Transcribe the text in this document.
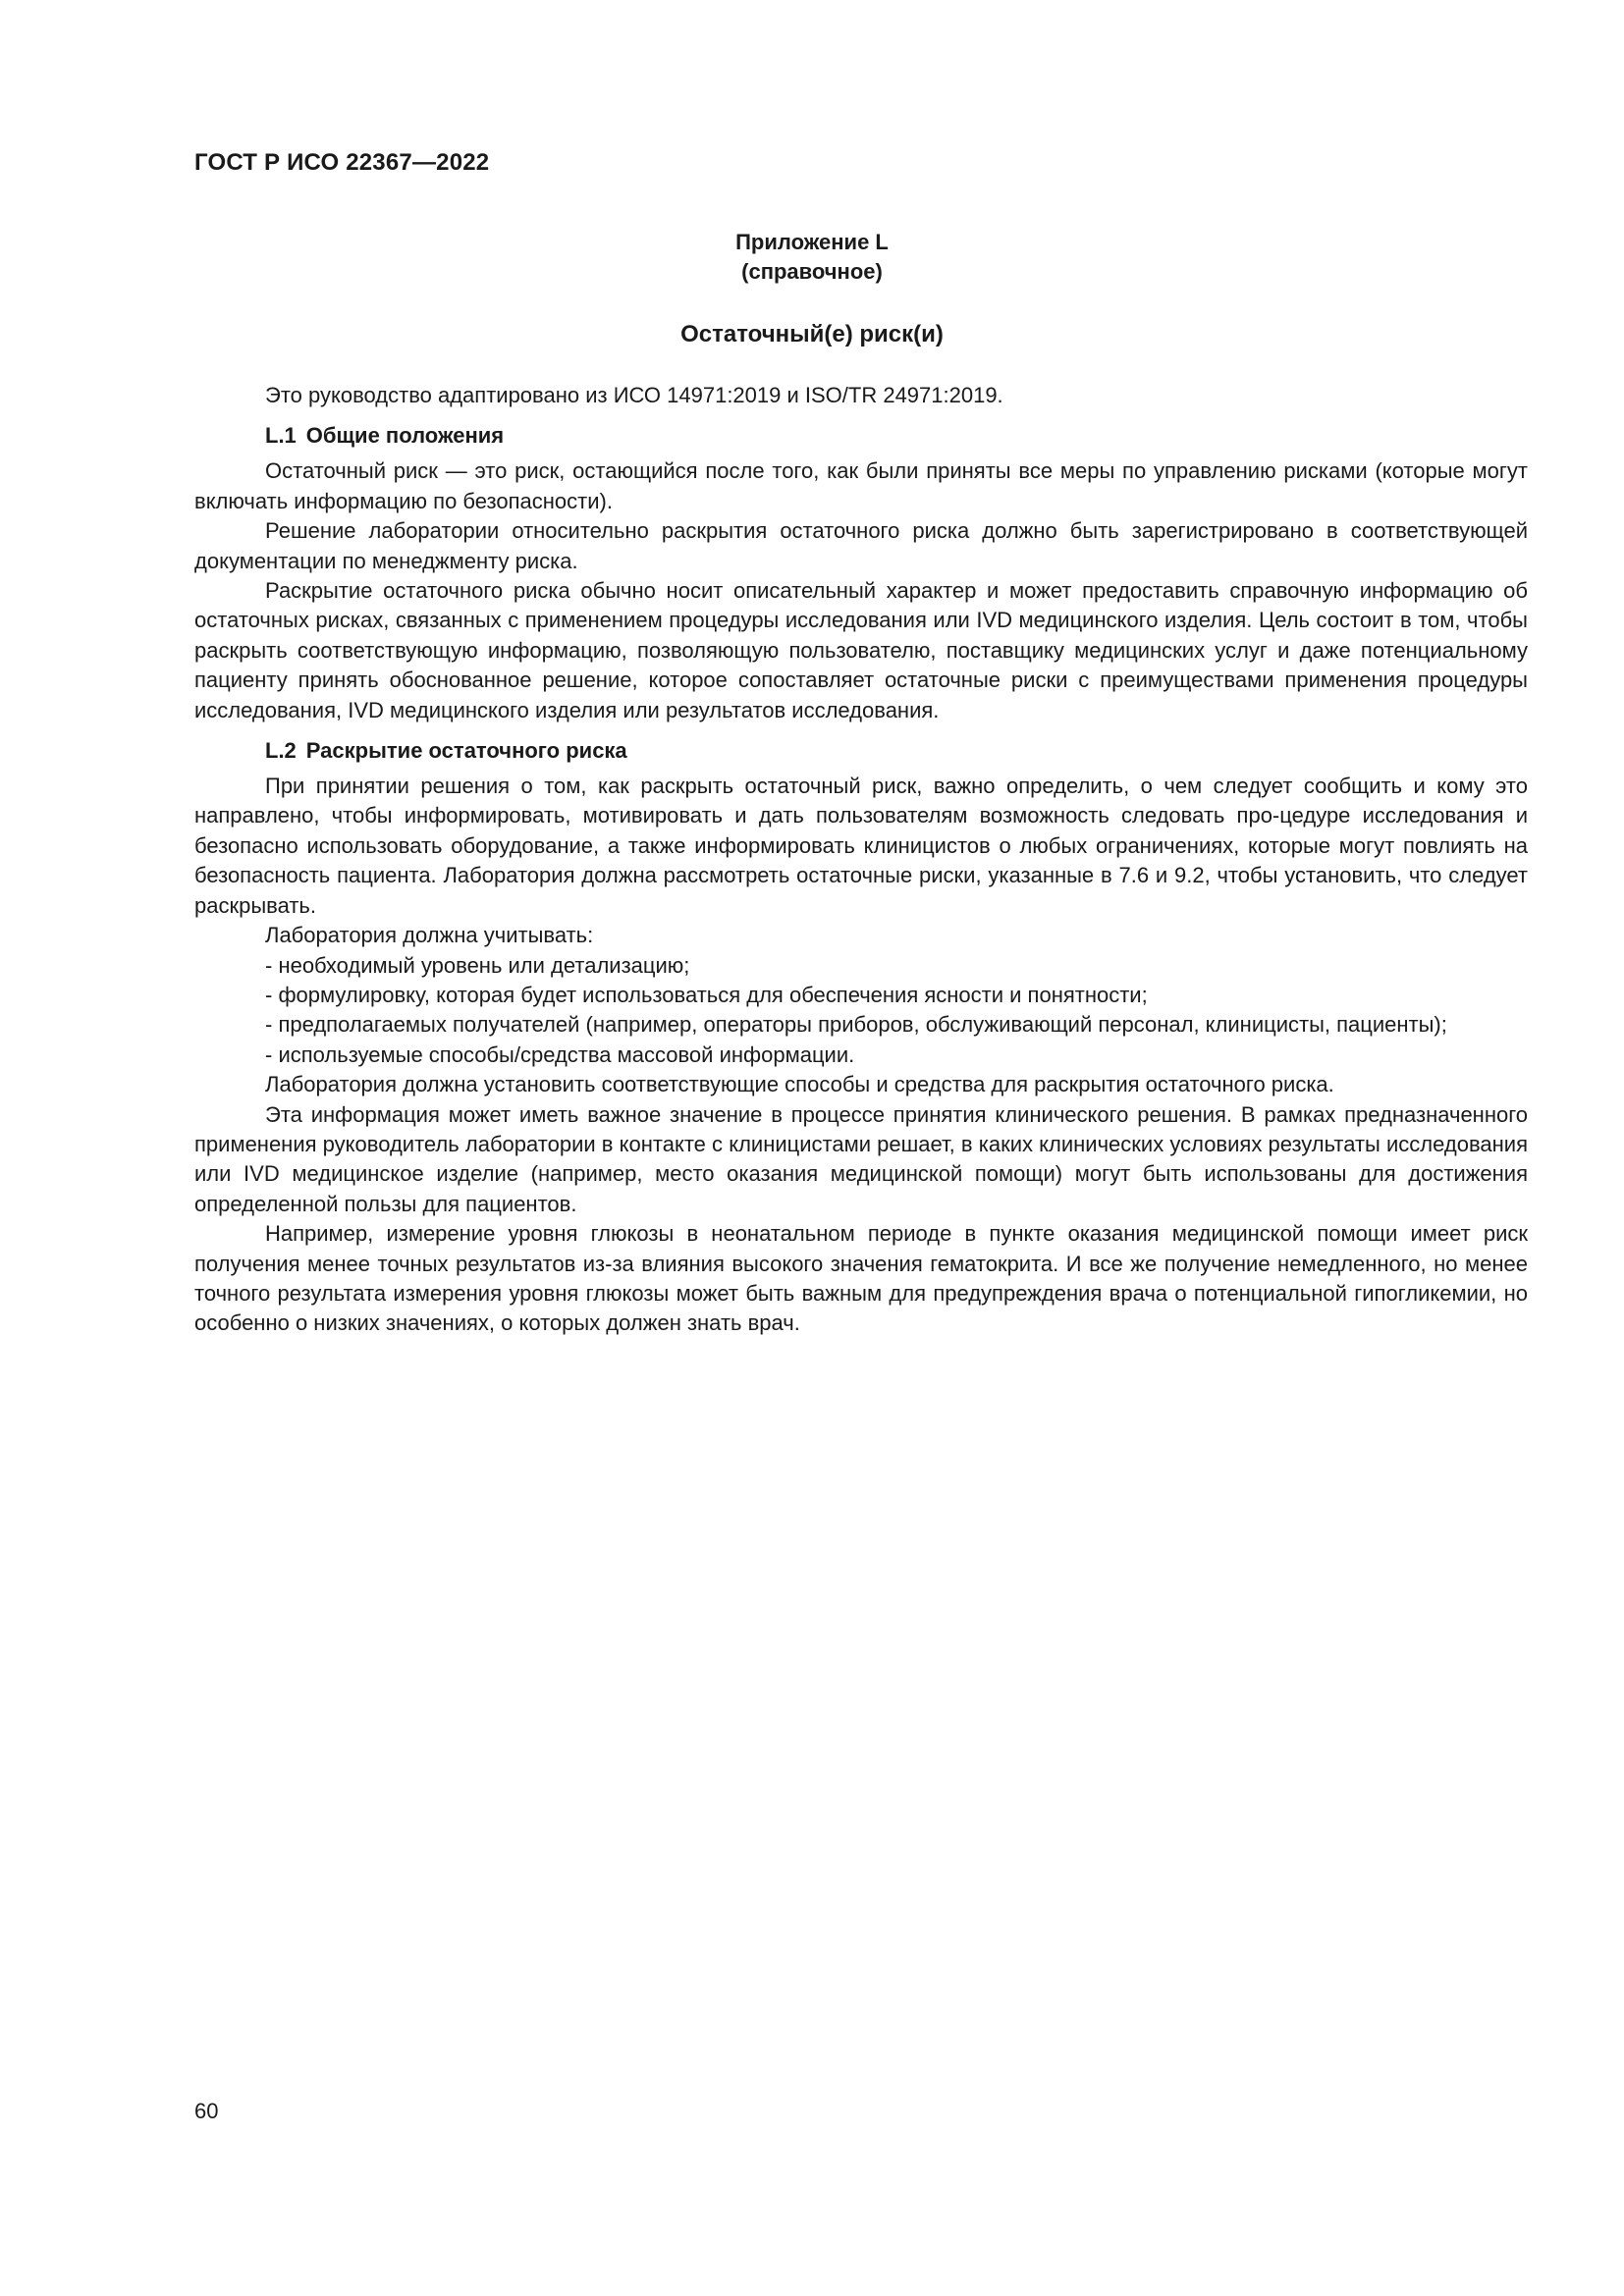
ГОСТ Р ИСО 22367—2022
Приложение L
(справочное)
Остаточный(е) риск(и)

Это руководство адаптировано из ИСО 14971:2019 и ISO/TR 24971:2019.

L.1 Общие положения

Остаточный риск — это риск, остающийся после того, как были приняты все меры по управлению рисками (которые могут включать информацию по безопасности).

Решение лаборатории относительно раскрытия остаточного риска должно быть зарегистрировано в соответствующей документации по менеджменту риска.

Раскрытие остаточного риска обычно носит описательный характер и может предоставить справочную информацию об остаточных рисках, связанных с применением процедуры исследования или IVD медицинского изделия. Цель состоит в том, чтобы раскрыть соответствующую информацию, позволяющую пользователю, поставщику медицинских услуг и даже потенциальному пациенту принять обоснованное решение, которое сопоставляет остаточные риски с преимуществами применения процедуры исследования, IVD медицинского изделия или результатов исследования.

L.2 Раскрытие остаточного риска

При принятии решения о том, как раскрыть остаточный риск, важно определить, о чем следует сообщить и кому это направлено, чтобы информировать, мотивировать и дать пользователям возможность следовать про-цедуре исследования и безопасно использовать оборудование, а также информировать клиницистов о любых ограничениях, которые могут повлиять на безопасность пациента. Лаборатория должна рассмотреть остаточные риски, указанные в 7.6 и 9.2, чтобы установить, что следует раскрывать.

Лаборатория должна учитывать:

- необходимый уровень или детализацию;

- формулировку, которая будет использоваться для обеспечения ясности и понятности;

- предполагаемых получателей (например, операторы приборов, обслуживающий персонал, клиницисты, пациенты);

- используемые способы/средства массовой информации.

Лаборатория должна установить соответствующие способы и средства для раскрытия остаточного риска.

Эта информация может иметь важное значение в процессе принятия клинического решения. В рамках предназначенного применения руководитель лаборатории в контакте с клиницистами решает, в каких клинических условиях результаты исследования или IVD медицинское изделие (например, место оказания медицинской помощи) могут быть использованы для достижения определенной пользы для пациентов.

Например, измерение уровня глюкозы в неонатальном периоде в пункте оказания медицинской помощи имеет риск получения менее точных результатов из-за влияния высокого значения гематокрита. И все же получение немедленного, но менее точного результата измерения уровня глюкозы может быть важным для предупреждения врача о потенциальной гипогликемии, но особенно о низких значениях, о которых должен знать врач.

60
